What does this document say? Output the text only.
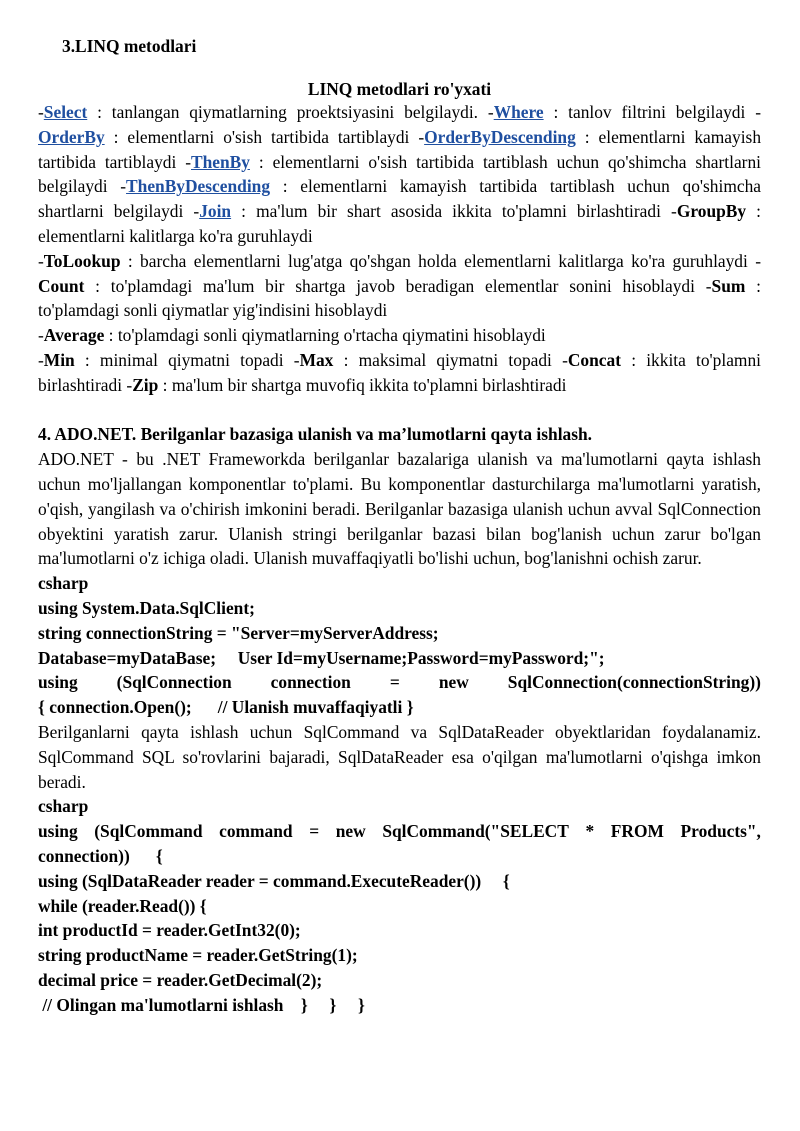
3.LINQ metodlari
LINQ metodlari ro'yxati
-Select : tanlangan qiymatlarning proektsiyasini belgilaydi. -Where : tanlov filtrini belgilaydi -OrderBy : elementlarni o'sish tartibida tartiblaydi -OrderByDescending : elementlarni kamayish tartibida tartiblaydi -ThenBy : elementlarni o'sish tartibida tartiblash uchun qo'shimcha shartlarni belgilaydi -ThenByDescending : elementlarni kamayish tartibida tartiblash uchun qo'shimcha shartlarni belgilaydi -Join : ma'lum bir shart asosida ikkita to'plamni birlashtiradi -GroupBy : elementlarni kalitlarga ko'ra guruhlaydi
-ToLookup : barcha elementlarni lug'atga qo'shgan holda elementlarni kalitlarga ko'ra guruhlaydi -Count : to'plamdagi ma'lum bir shartga javob beradigan elementlar sonini hisoblaydi -Sum : to'plamdagi sonli qiymatlar yig'indisini hisoblaydi
-Average : to'plamdagi sonli qiymatlarning o'rtacha qiymatini hisoblaydi
-Min : minimal qiymatni topadi -Max : maksimal qiymatni topadi -Concat : ikkita to'plamni birlashtiradi -Zip : ma'lum bir shartga muvofiq ikkita to'plamni birlashtiradi
4. ADO.NET. Berilganlar bazasiga ulanish va ma’lumotlarni qayta ishlash.
ADO.NET - bu .NET Frameworkda berilganlar bazalariga ulanish va ma'lumotlarni qayta ishlash uchun mo'ljallangan komponentlar to'plami. Bu komponentlar dasturchilarga ma'lumotlarni yaratish, o'qish, yangilash va o'chirish imkonini beradi. Berilganlar bazasiga ulanish uchun avval SqlConnection obyektini yaratish zarur. Ulanish stringi berilganlar bazasi bilan bog'lanish uchun zarur bo'lgan ma'lumotlarni o'z ichiga oladi. Ulanish muvaffaqiyatli bo'lishi uchun, bog'lanishni ochish zarur.
csharp
using System.Data.SqlClient;
string connectionString = "Server=myServerAddress;
Database=myDataBase;     User Id=myUsername;Password=myPassword;";
using (SqlConnection connection = new SqlConnection(connectionString))
{ connection.Open();      // Ulanish muvaffaqiyatli }
Berilganlarni qayta ishlash uchun SqlCommand va SqlDataReader obyektlaridan foydalanamiz. SqlCommand SQL so'rovlarini bajaradi, SqlDataReader esa o'qilgan ma'lumotlarni o'qishga imkon beradi.
csharp
using (SqlCommand command = new SqlCommand("SELECT * FROM Products",
connection))      {
using (SqlDataReader reader = command.ExecuteReader())     {
while (reader.Read()) {
int productId = reader.GetInt32(0);
string productName = reader.GetString(1);
decimal price = reader.GetDecimal(2);
// Olingan ma'lumotlarni ishlash    }     }     }
